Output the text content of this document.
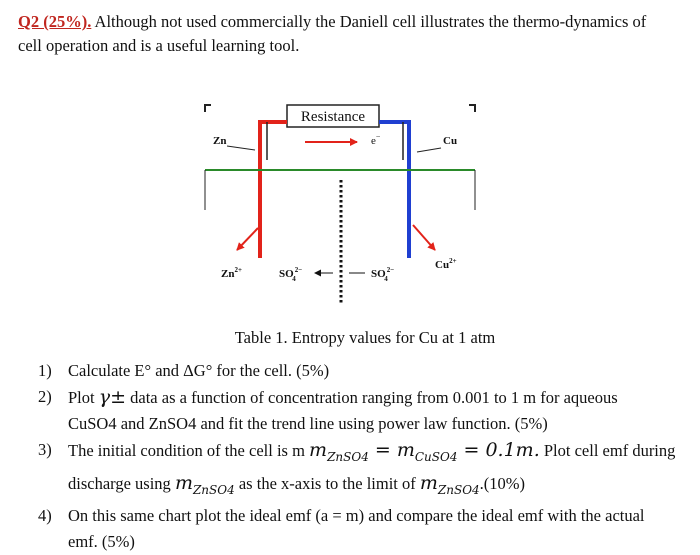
Q2 (25%). Although not used commercially the Daniell cell illustrates the thermo-dynamics of
cell operation and is a useful learning tool.
Resistance
e−
Zn	Cu
$Zn^{2+}$	$Cu^{2+}$
$SO^{2-}$ 4	$SO^{2-}$ 4
Table 1. Entropy values for Cu at 1 atm
1) Calculate E° and ΔG° for the cell. (5%)
2) Plot γ± data as a function of concentration ranging from 0.001 to 1 m for aqueous
CuSO4 and ZnSO4 and fit the trend line using power law function. (5%)
3) The initial condition of the cell is m $m_{ZnSO4} = m_{CuSO4} = 0.1m$. Plot cell emf during
discharge using $m_{ZnSO4}$ as the x-axis to the limit of $m_{ZnSO4}.(10\%)$
4) On this same chart plot the ideal emf (a = m) and compare the ideal emf with the actual
emf. (5%)
